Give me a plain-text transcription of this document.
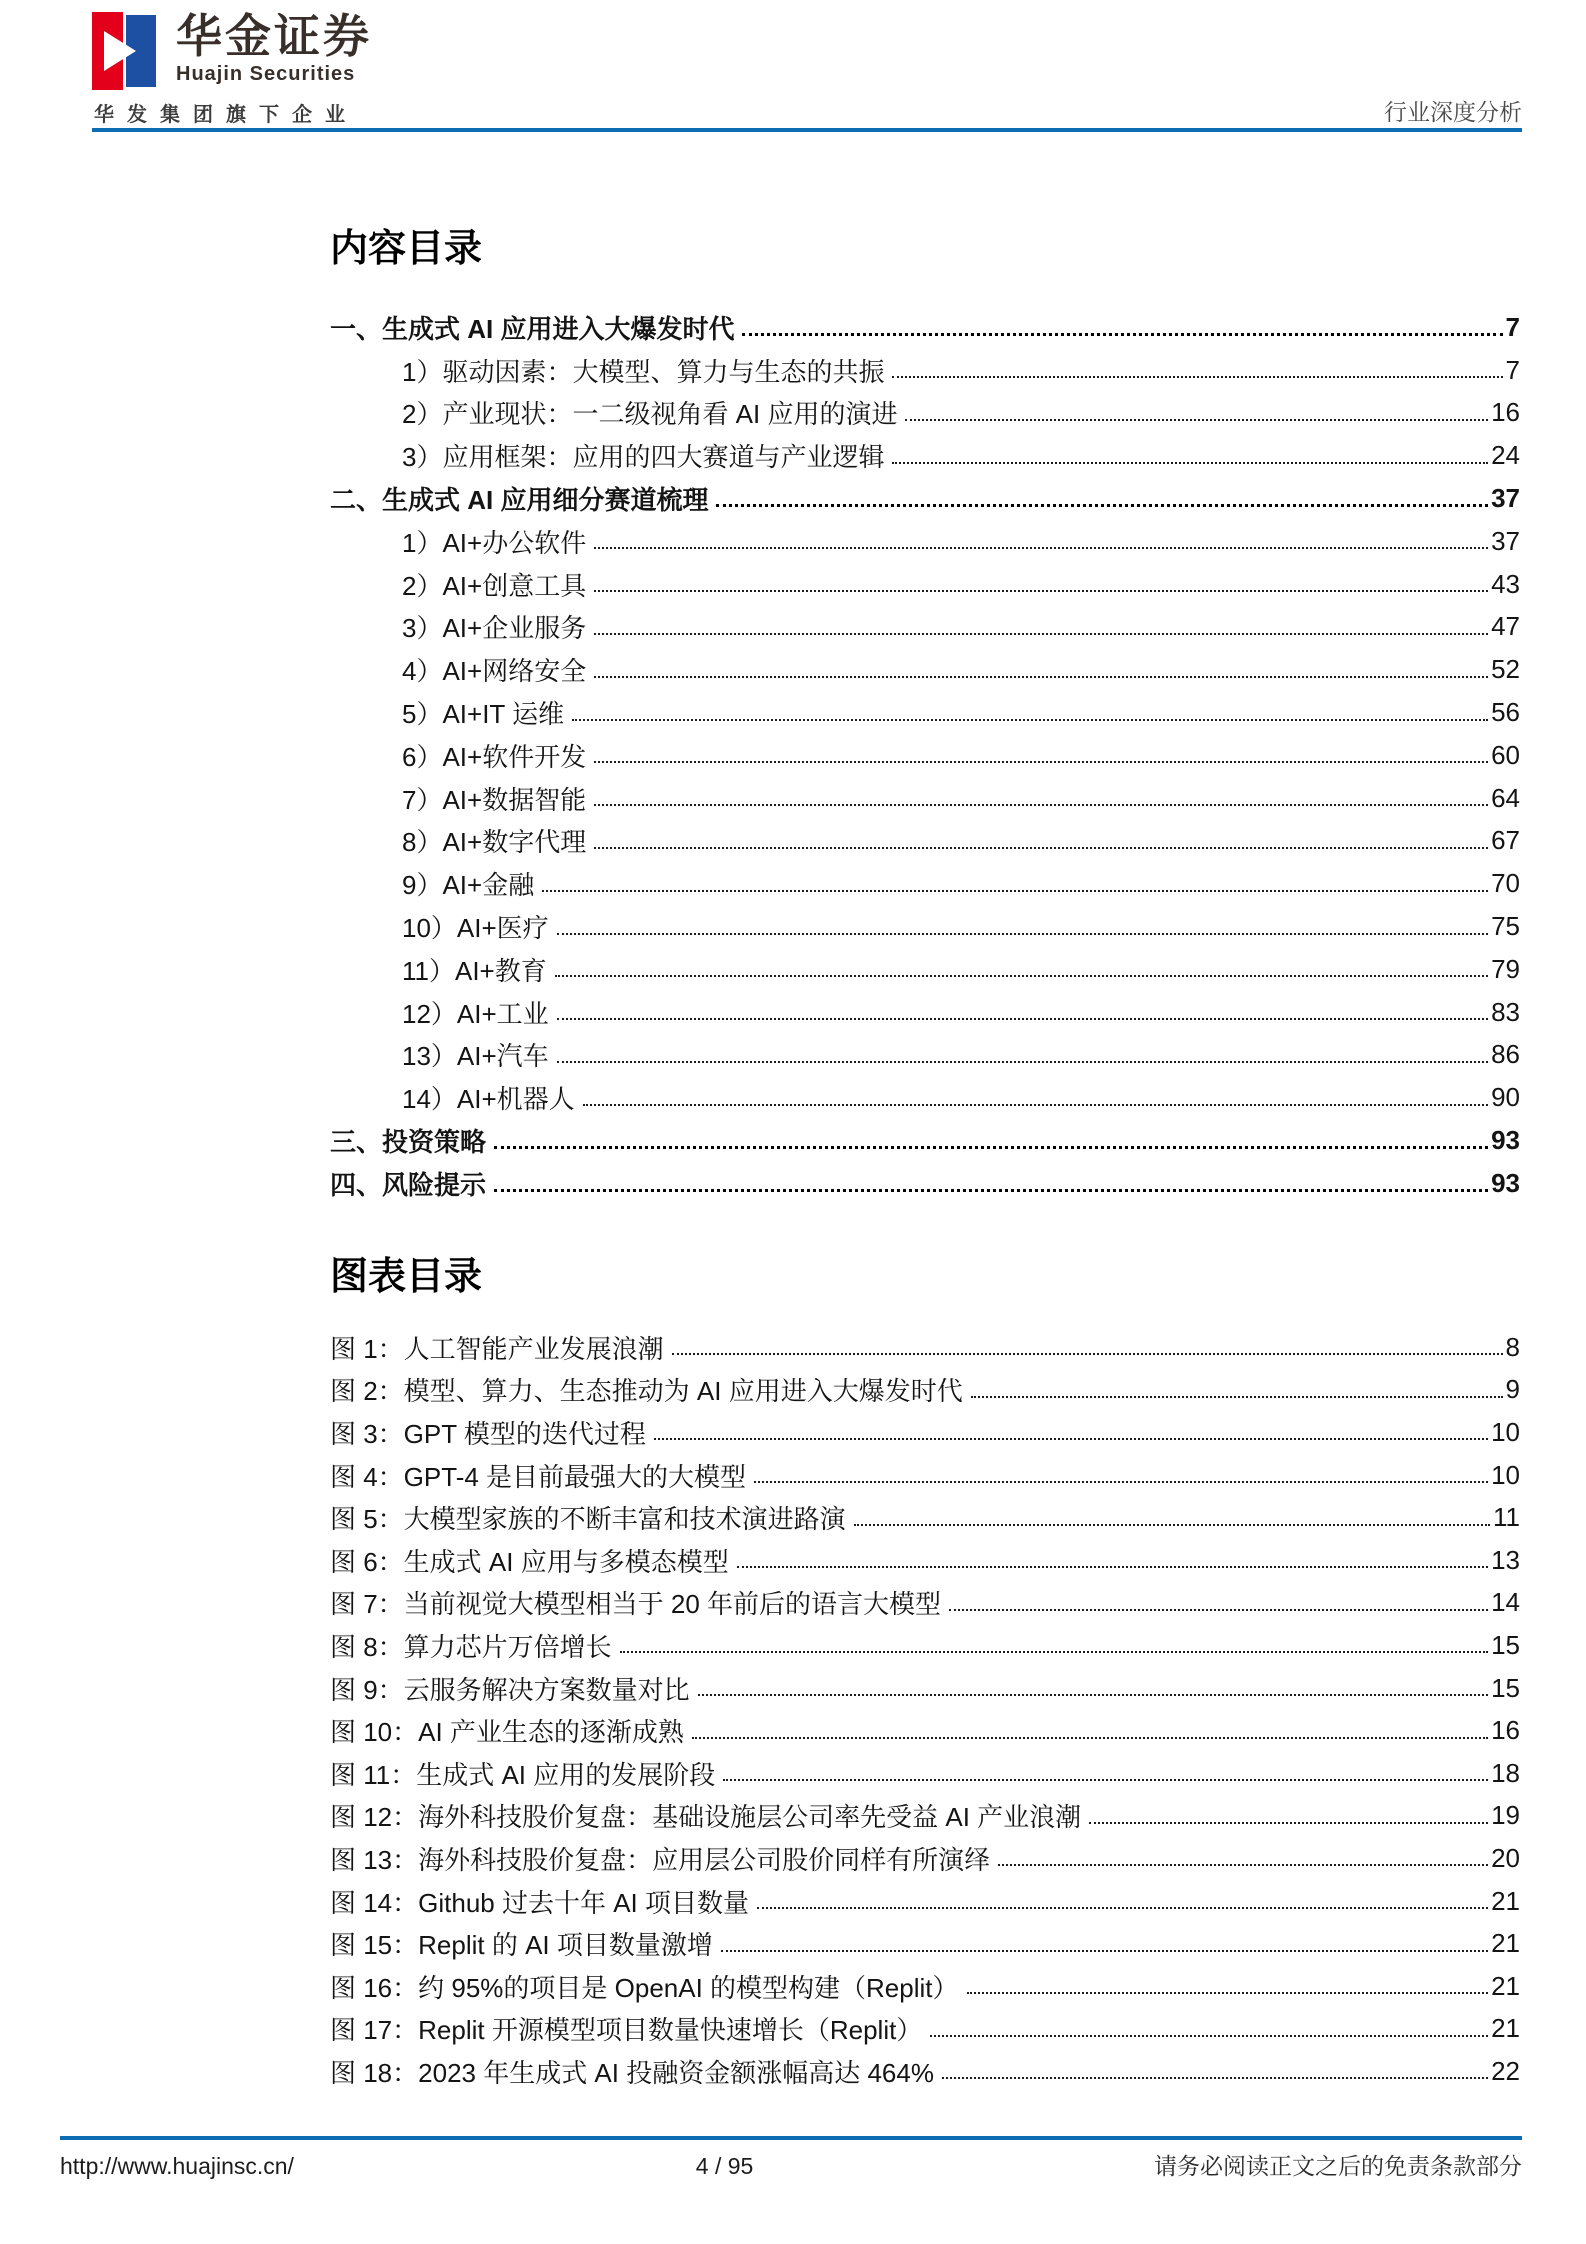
华金证券
Huajin Securities
华发集团旗下企业	行业深度分析
内容目录
一、生成式 AI 应用进入大爆发时代	7
1）驱动因素：大模型、算力与生态的共振	7
2）产业现状：一二级视角看 AI 应用的演进	16
3）应用框架：应用的四大赛道与产业逻辑	24
二、生成式 AI 应用细分赛道梳理	37
1）AI+办公软件	37
2）AI+创意工具	43
3）AI+企业服务	47
4）AI+网络安全	52
5）AI+IT 运维	56
6）AI+软件开发	60
7）AI+数据智能	64
8）AI+数字代理	67
9）AI+金融	70
10）AI+医疗	75
11）AI+教育	79
12）AI+工业	83
13）AI+汽车	86
14）AI+机器人	90
三、投资策略	93
四、风险提示	93
图表目录
图 1：人工智能产业发展浪潮	8
图 2：模型、算力、生态推动为 AI 应用进入大爆发时代	9
图 3：GPT 模型的迭代过程	10
图 4：GPT-4 是目前最强大的大模型	10
图 5：大模型家族的不断丰富和技术演进路演	11
图 6：生成式 AI 应用与多模态模型	13
图 7：当前视觉大模型相当于 20 年前后的语言大模型	14
图 8：算力芯片万倍增长	15
图 9：云服务解决方案数量对比	15
图 10：AI 产业生态的逐渐成熟	16
图 11：生成式 AI 应用的发展阶段	18
图 12：海外科技股价复盘：基础设施层公司率先受益 AI 产业浪潮	19
图 13：海外科技股价复盘：应用层公司股价同样有所演绎	20
图 14：Github 过去十年 AI 项目数量	21
图 15：Replit 的 AI 项目数量激增	21
图 16：约 95%的项目是 OpenAI 的模型构建（Replit）	21
图 17：Replit 开源模型项目数量快速增长（Replit）	21
图 18：2023 年生成式 AI 投融资金额涨幅高达 464%	22
http://www.huajinsc.cn/	4 / 95	请务必阅读正文之后的免责条款部分
